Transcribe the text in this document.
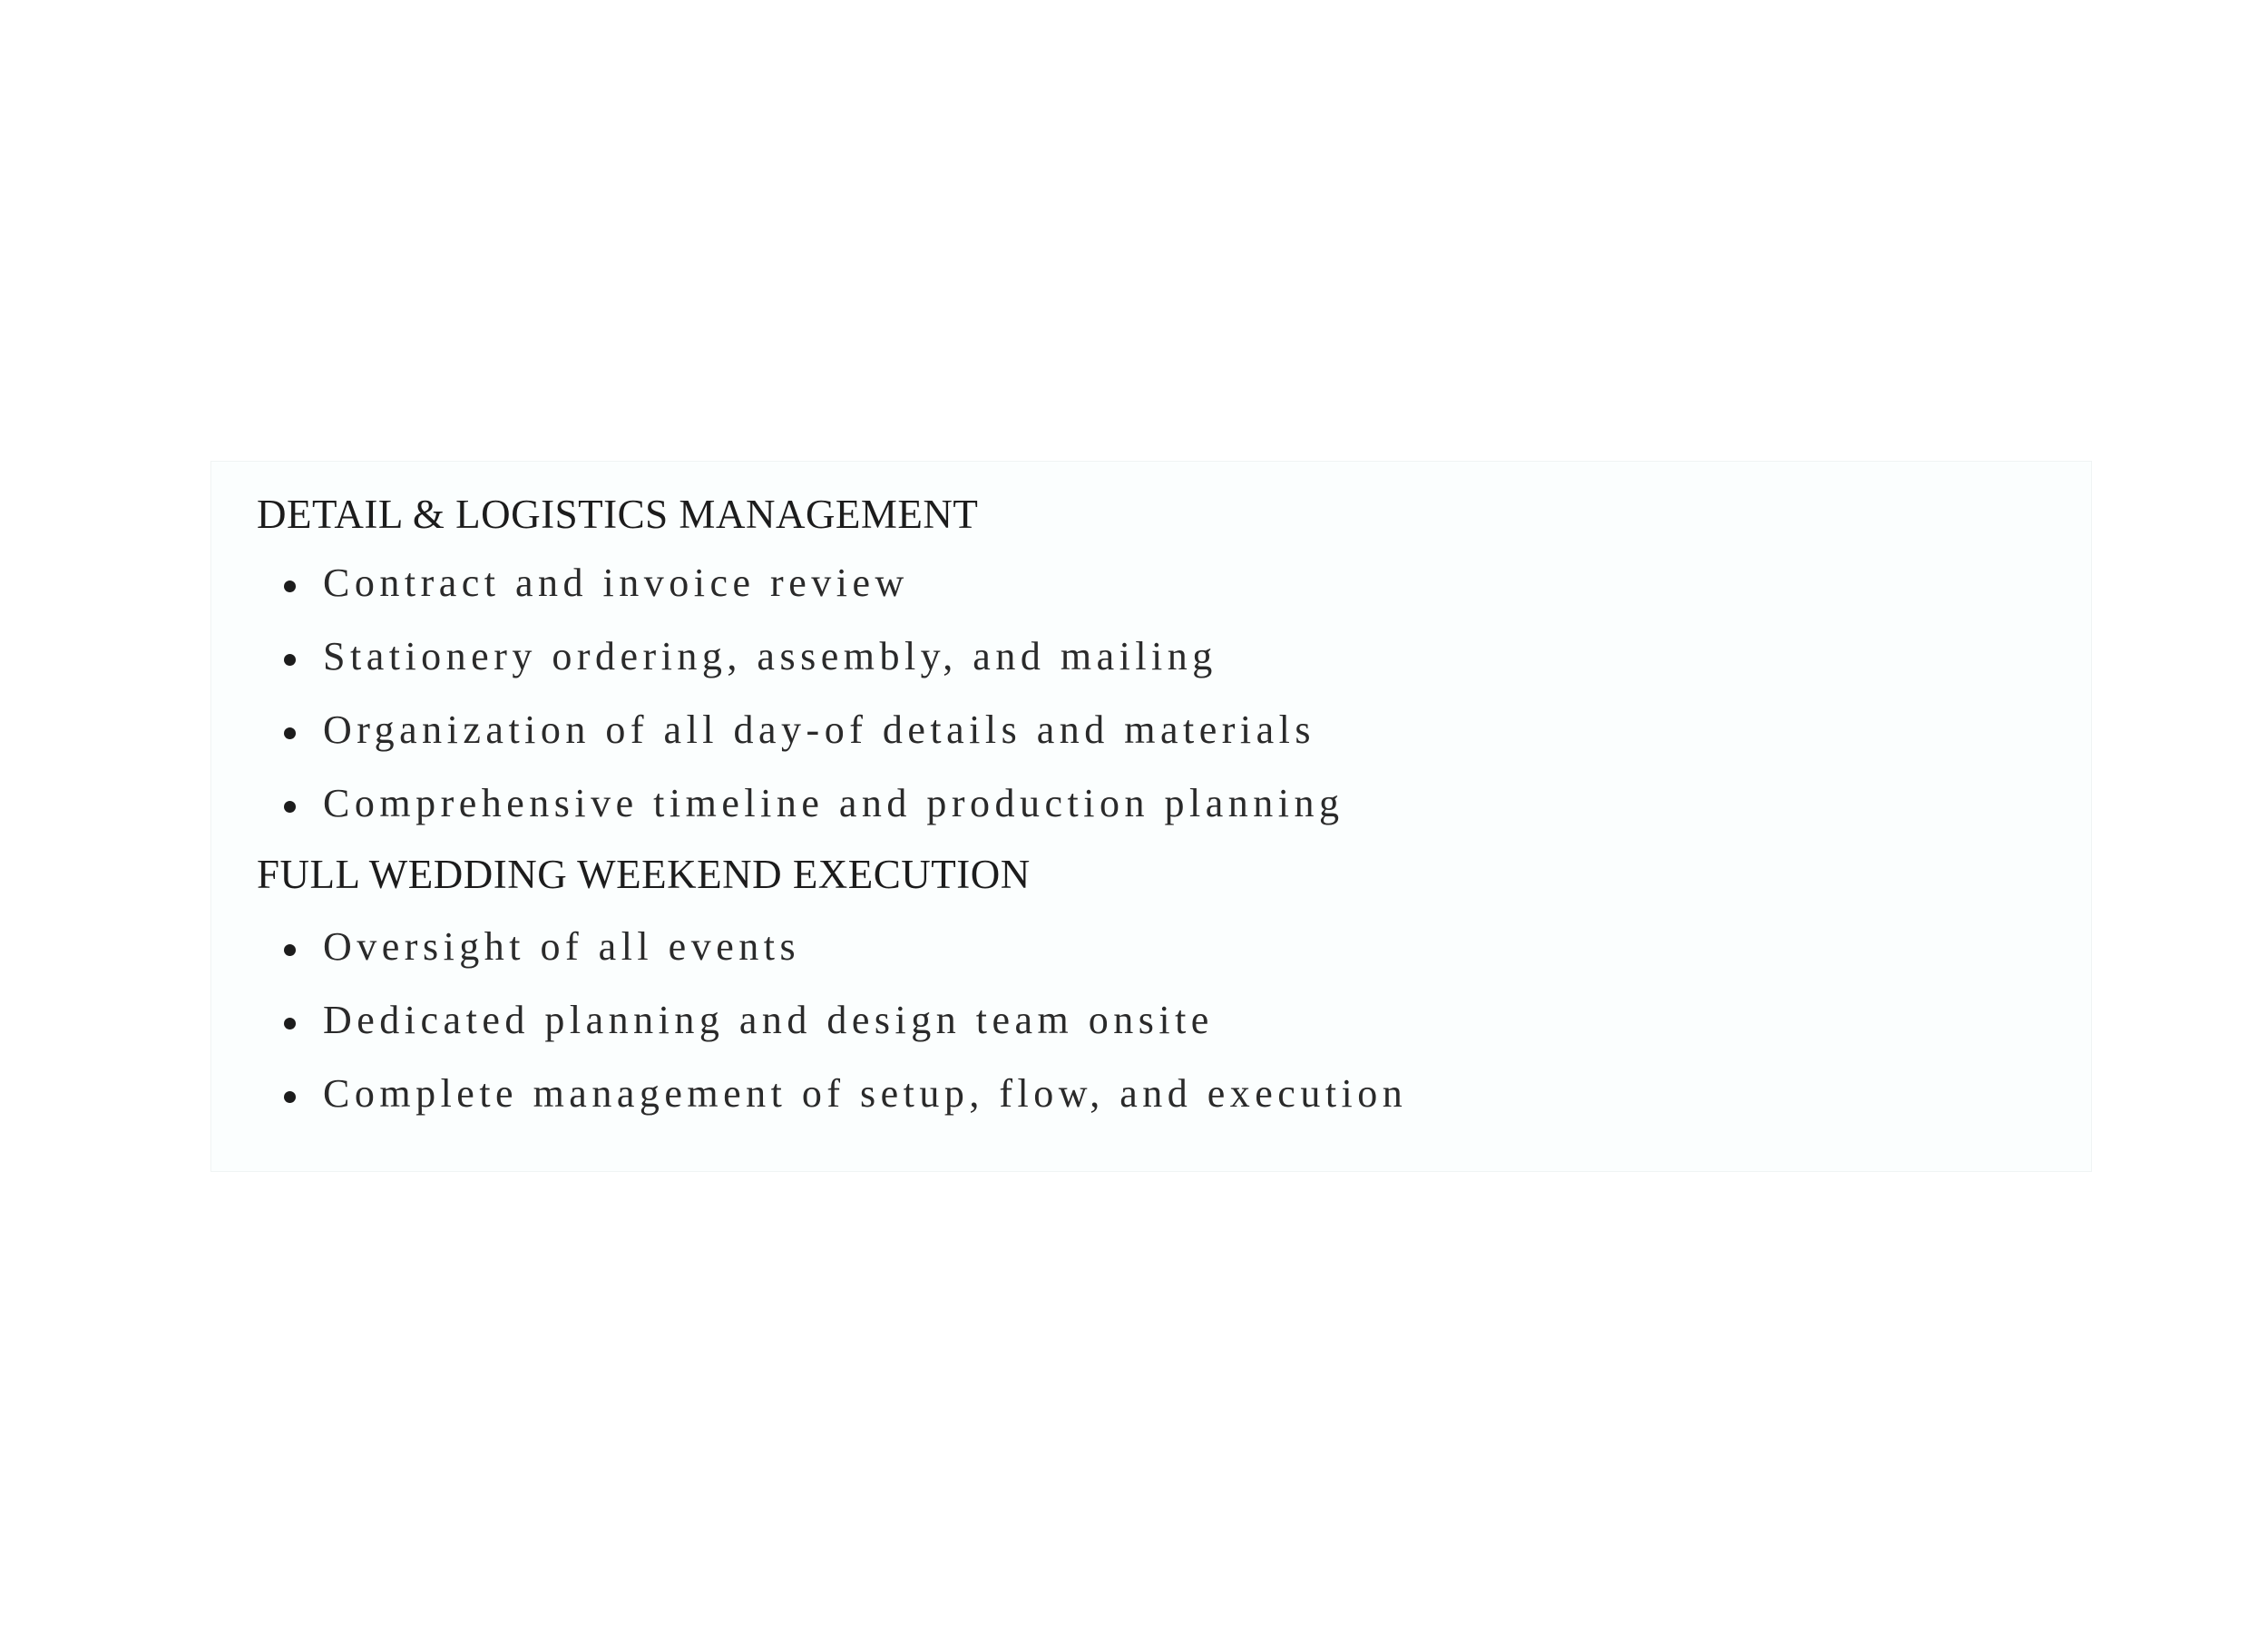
DETAIL & LOGISTICS MANAGEMENT
Contract and invoice review
Stationery ordering, assembly, and mailing
Organization of all day-of details and materials
Comprehensive timeline and production planning
FULL WEDDING WEEKEND EXECUTION
Oversight of all events
Dedicated planning and design team onsite
Complete management of setup, flow, and execution
